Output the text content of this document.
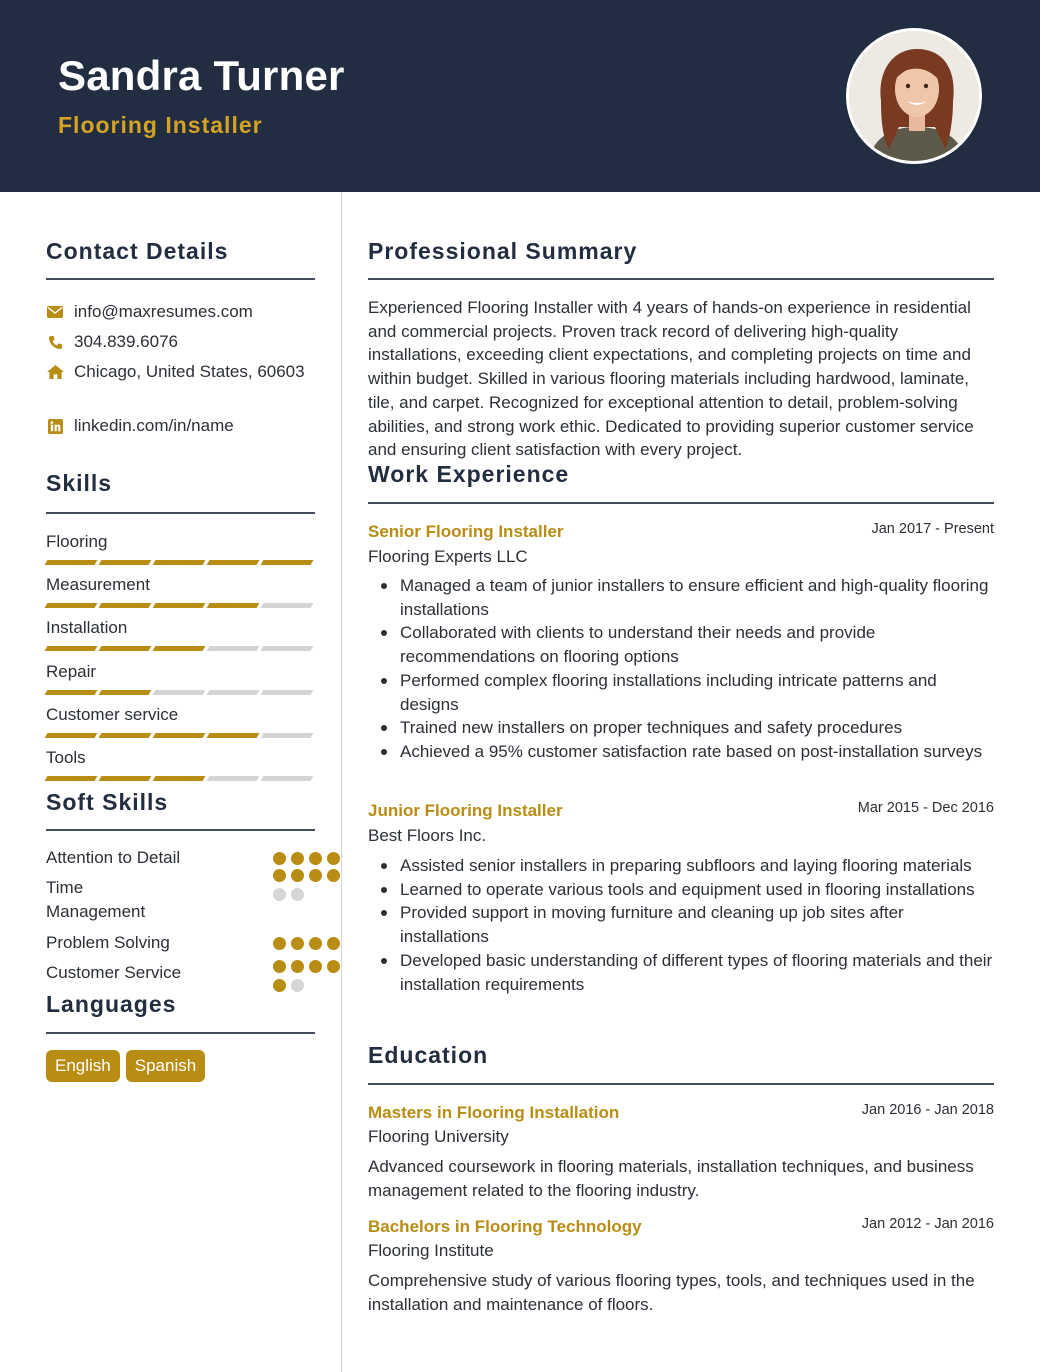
Sandra Turner
Flooring Installer
Contact Details
info@maxresumes.com
304.839.6076
Chicago, United States, 60603
linkedin.com/in/name
Skills
Flooring
Measurement
Installation
Repair
Customer service
Tools
Soft Skills
Attention to Detail
Time Management
Problem Solving
Customer Service
Languages
English Spanish
Professional Summary
Experienced Flooring Installer with 4 years of hands-on experience in residential and commercial projects. Proven track record of delivering high-quality installations, exceeding client expectations, and completing projects on time and within budget. Skilled in various flooring materials including hardwood, laminate, tile, and carpet. Recognized for exceptional attention to detail, problem-solving abilities, and strong work ethic. Dedicated to providing superior customer service and ensuring client satisfaction with every project.
Work Experience
Senior Flooring Installer	Jan 2017 - Present
Flooring Experts LLC
Managed a team of junior installers to ensure efficient and high-quality flooring installations
Collaborated with clients to understand their needs and provide recommendations on flooring options
Performed complex flooring installations including intricate patterns and designs
Trained new installers on proper techniques and safety procedures
Achieved a 95% customer satisfaction rate based on post-installation surveys
Junior Flooring Installer	Mar 2015 - Dec 2016
Best Floors Inc.
Assisted senior installers in preparing subfloors and laying flooring materials
Learned to operate various tools and equipment used in flooring installations
Provided support in moving furniture and cleaning up job sites after installations
Developed basic understanding of different types of flooring materials and their installation requirements
Education
Masters in Flooring Installation	Jan 2016 - Jan 2018
Flooring University
Advanced coursework in flooring materials, installation techniques, and business management related to the flooring industry.
Bachelors in Flooring Technology	Jan 2012 - Jan 2016
Flooring Institute
Comprehensive study of various flooring types, tools, and techniques used in the installation and maintenance of floors.
